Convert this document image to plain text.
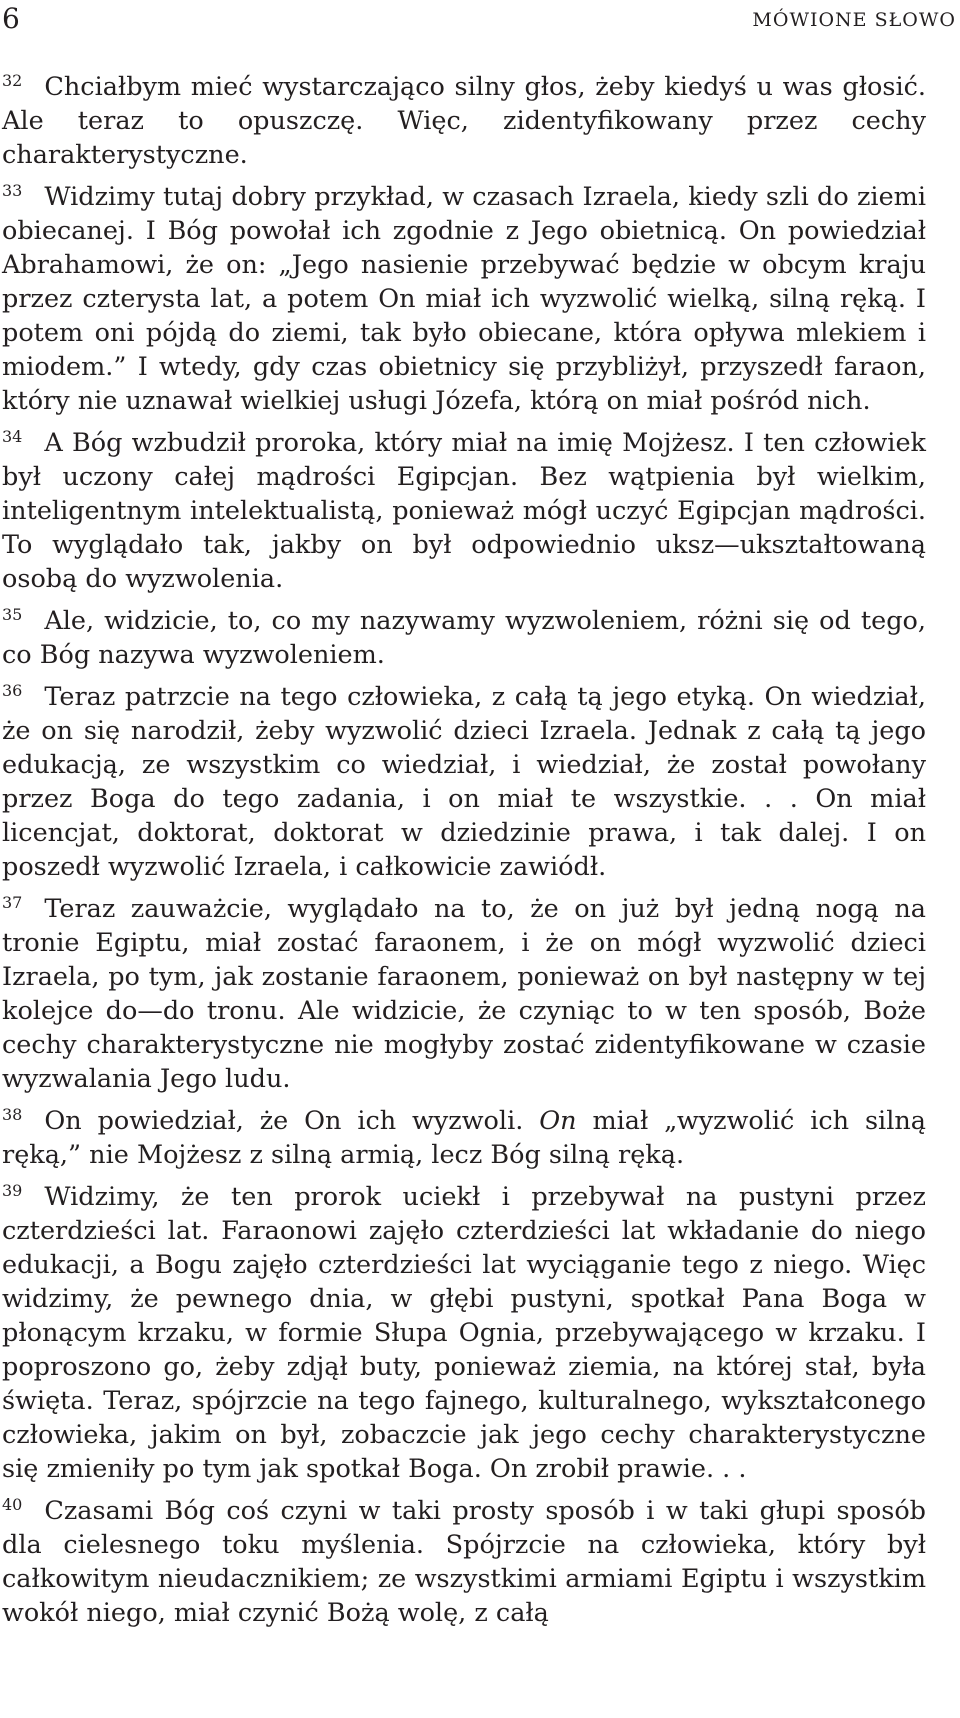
6	MÓWIONE SŁOWO

$^{32}$ Chciałbym mieć wystarczająco silny głos, żeby kiedyś u was głosić. Ale teraz to opuszczę. Więc, zidentyfikowany przez cechy charakterystyczne.

$^{33}$ Widzimy tutaj dobry przykład, w czasach Izraela, kiedy szli do ziemi obiecanej. I Bóg powołał ich zgodnie z Jego obietnicą. On powiedział Abrahamowi, że on: „Jego nasienie przebywać będzie w obcym kraju przez czterysta lat, a potem On miał ich wyzwolić wielką, silną ręką. I potem oni pójdą do ziemi, tak było obiecane, która opływa mlekiem i miodem.” I wtedy, gdy czas obietnicy się przybliżył, przyszedł faraon, który nie uznawał wielkiej usługi Józefa, którą on miał pośród nich.

$^{34}$ A Bóg wzbudził proroka, który miał na imię Mojżesz. I ten człowiek był uczony całej mądrości Egipcjan. Bez wątpienia był wielkim, inteligentnym intelektualistą, ponieważ mógł uczyć Egipcjan mądrości. To wyglądało tak, jakby on był odpowiednio uksz—ukształtowaną osobą do wyzwolenia.

$^{35}$ Ale, widzicie, to, co my nazywamy wyzwoleniem, różni się od tego, co Bóg nazywa wyzwoleniem.

$^{36}$ Teraz patrzcie na tego człowieka, z całą tą jego etyką. On wiedział, że on się narodził, żeby wyzwolić dzieci Izraela. Jednak z całą tą jego edukacją, ze wszystkim co wiedział, i wiedział, że został powołany przez Boga do tego zadania, i on miał te wszystkie. . . On miał licencjat, doktorat, doktorat w dziedzinie prawa, i tak dalej. I on poszedł wyzwolić Izraela, i całkowicie zawiódł.

$^{37}$ Teraz zauważcie, wyglądało na to, że on już był jedną nogą na tronie Egiptu, miał zostać faraonem, i że on mógł wyzwolić dzieci Izraela, po tym, jak zostanie faraonem, ponieważ on był następny w tej kolejce do—do tronu. Ale widzicie, że czyniąc to w ten sposób, Boże cechy charakterystyczne nie mogłyby zostać zidentyfikowane w czasie wyzwalania Jego ludu.

$^{38}$ On powiedział, że On ich wyzwoli. On miał „wyzwolić ich silną ręką,” nie Mojżesz z silną armią, lecz Bóg silną ręką.

$^{39}$ Widzimy, że ten prorok uciekł i przebywał na pustyni przez czterdzieści lat. Faraonowi zajęło czterdzieści lat wkładanie do niego edukacji, a Bogu zajęło czterdzieści lat wyciąganie tego z niego. Więc widzimy, że pewnego dnia, w głębi pustyni, spotkał Pana Boga w płonącym krzaku, w formie Słupa Ognia, przebywającego w krzaku. I poproszono go, żeby zdjął buty, ponieważ ziemia, na której stał, była święta. Teraz, spójrzcie na tego fajnego, kulturalnego, wykształconego człowieka, jakim on był, zobaczcie jak jego cechy charakterystyczne się zmieniły po tym jak spotkał Boga. On zrobił prawie. . .

$^{40}$ Czasami Bóg coś czyni w taki prosty sposób i w taki głupi sposób dla cielesnego toku myślenia. Spójrzcie na człowieka, który był całkowitym nieudacznikiem; ze wszystkimi armiami Egiptu i wszystkim wokół niego, miał czynić Bożą wolę, z całą
